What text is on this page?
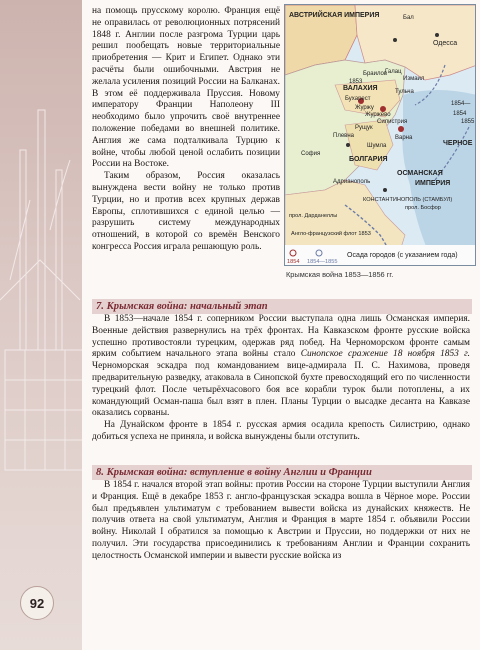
на помощь прусскому королю. Франция ещё не оправилась от революционных потрясений 1848 г. Англии после разгрома Турции царь решил пообещать новые территориальные приобретения — Крит и Египет. Однако эти расчёты были ошибочными. Австрия не желала усиления позиций России на Балканах. В этом её поддерживала Пруссия. Новому императору Франции Наполеону III необходимо было упрочить своё внутреннее положение победами во внешней политике. Англия же сама подталкивала Турцию к войне, чтобы любой ценой ослабить позиции России на Востоке.

Таким образом, Россия оказалась вынуждена вести войну не только против Турции, но и против всех крупных держав Европы, сплотившихся с единой целью — разрушить систему международных отношений, в которой со времён Венского конгресса Россия играла решающую роль.

АВСТРИЙСКАЯ ИМПЕРИЯ
Одесса
ВАЛАХИЯ
Браилов
Измаил
Галац
Бухарест
Тульча
Журжу
Журжево
Силистрия
Рущук
Варна
Плевна
София
Шумла
БОЛГАРИЯ
Адрианополь
КОНСТАНТИНОПОЛЬ (СТАМБУЛ)
прол. Босфор
прол. Дарданеллы
Англо-французский флот 1853
ОСМАНСКАЯ
ИМПЕРИЯ
ЧЕРНОЕ
1854
1854—
1853
Бал
1855
1854 1854—1855
Осада городов (с указанием года)
Крымская война 1853—1856 гг.
7. Крымская война: начальный этап

В 1853—начале 1854 г. соперником России выступала одна лишь Османская империя. Военные действия развернулись на трёх фронтах. На Кавказском фронте русские войска успешно противостояли турецким, одержав ряд побед. На Черноморском фронте самым ярким событием начального этапа войны стало Синопское сражение 18 ноября 1853 г. Черноморская эскадра под командованием вице-адмирала П. С. Нахимова, проведя предварительную разведку, атаковала в Синопской бухте превосходящий его по численности турецкий флот. После четырёхчасового боя все корабли турок были потоплены, а их командующий Осман-паша был взят в плен. Планы Турции о высадке десанта на Кавказе оказались сорваны.

На Дунайском фронте в 1854 г. русская армия осадила крепость Силистрию, однако добиться успеха не приняла, и войска вынуждены были отступить.

8. Крымская война: вступление в войну Англии и Франции

В 1854 г. начался второй этап войны: против России на стороне Турции выступили Англия и Франция. Ещё в декабре 1853 г. англо-французская эскадра вошла в Чёрное море. России был предъявлен ультиматум с требованием вывести войска из дунайских княжеств. Не получив ответа на свой ультиматум, Англия и Франция в марте 1854 г. объявили России войну. Николай I обратился за помощью к Австрии и Пруссии, но поддержки от них не получил. Эти государства присоединились к требованиям Англии и Франции сохранить целостность Османской империи и вывести русские войска из

92
